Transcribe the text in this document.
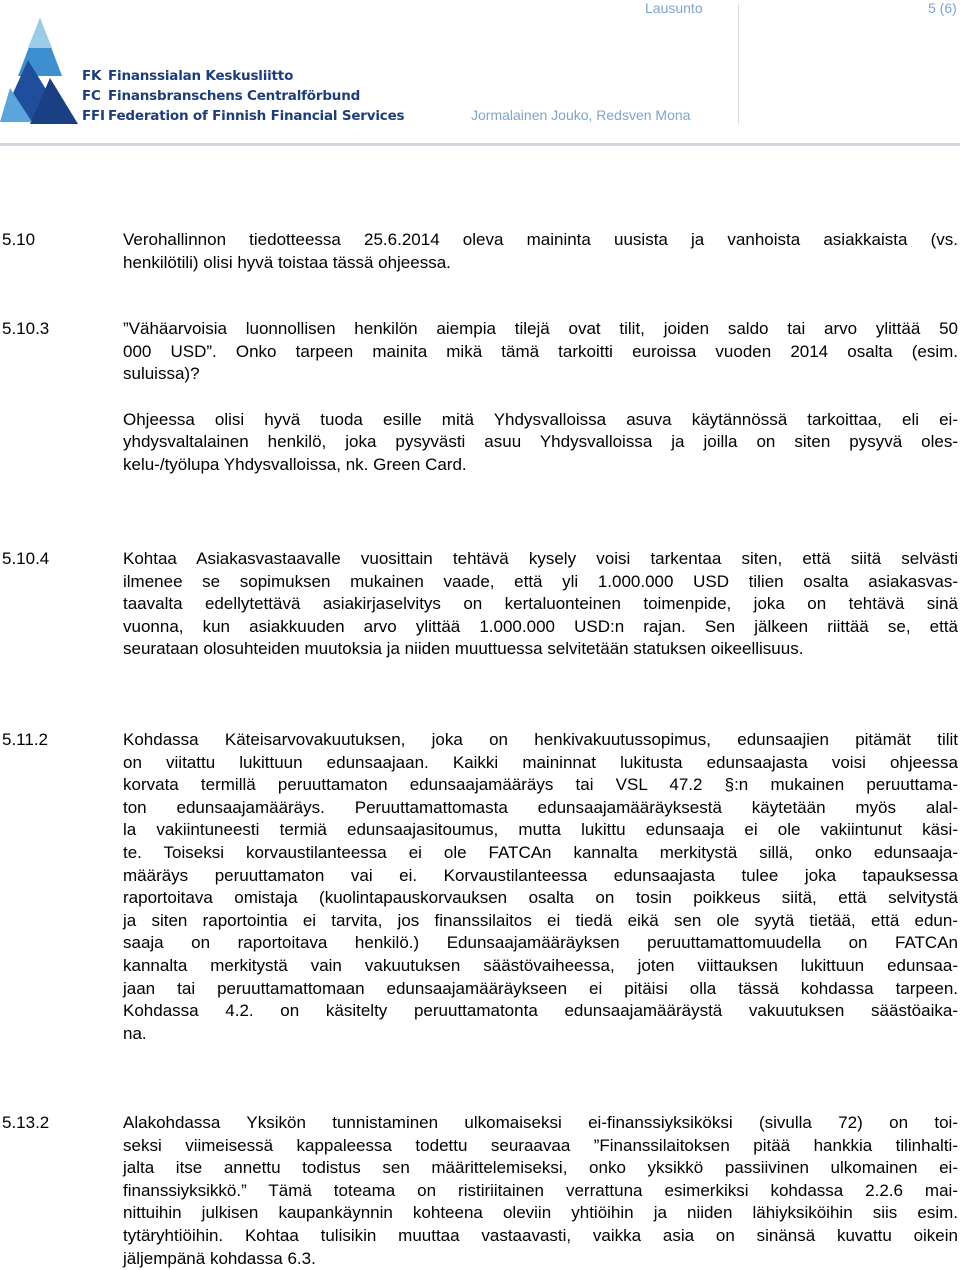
FK Finanssialan Keskusliitto
FC Finansbranschens Centralförbund
FFI Federation of Finnish Financial Services
Lausunto	5 (6)
Jormalainen Jouko, Redsven Mona
5.10	Verohallinnon tiedotteessa 25.6.2014 oleva maininta uusista ja vanhoista asiakkaista (vs.
henkilötili) olisi hyvä toistaa tässä ohjeessa.
5.10.3	”Vähäarvoisia luonnollisen henkilön aiempia tilejä ovat tilit, joiden saldo tai arvo ylittää 50
000 USD”. Onko tarpeen mainita mikä tämä tarkoitti euroissa vuoden 2014 osalta (esim.
suluissa)?
Ohjeessa olisi hyvä tuoda esille mitä Yhdysvalloissa asuva käytännössä tarkoittaa, eli ei-
yhdysvaltalainen henkilö, joka pysyvästi asuu Yhdysvalloissa ja joilla on siten pysyvä oles-
kelu-/työlupa Yhdysvalloissa, nk. Green Card.
5.10.4	Kohtaa Asiakasvastaavalle vuosittain tehtävä kysely voisi tarkentaa siten, että siitä selvästi
ilmenee se sopimuksen mukainen vaade, että yli 1.000.000 USD tilien osalta asiakasvas-
taavalta edellytettävä asiakirjaselvitys on kertaluonteinen toimenpide, joka on tehtävä sinä
vuonna, kun asiakkuuden arvo ylittää 1.000.000 USD:n rajan. Sen jälkeen riittää se, että
seurataan olosuhteiden muutoksia ja niiden muuttuessa selvitetään statuksen oikeellisuus.
5.11.2	Kohdassa Käteisarvovakuutuksen, joka on henkivakuutussopimus, edunsaajien pitämät tilit
on viitattu lukittuun edunsaajaan. Kaikki maininnat lukitusta edunsaajasta voisi ohjeessa
korvata termillä peruuttamaton edunsaajamääräys tai VSL 47.2 §:n mukainen peruuttama-
ton edunsaajamääräys. Peruuttamattomasta edunsaajamääräyksestä käytetään myös alal-
la vakiintuneesti termiä edunsaajasitoumus, mutta lukittu edunsaaja ei ole vakiintunut käsi-
te. Toiseksi korvaustilanteessa ei ole FATCAn kannalta merkitystä sillä, onko edunsaaja-
määräys peruuttamaton vai ei. Korvaustilanteessa edunsaajasta tulee joka tapauksessa
raportoitava omistaja (kuolintapauskorvauksen osalta on tosin poikkeus siitä, että selvitystä
ja siten raportointia ei tarvita, jos finanssilaitos ei tiedä eikä sen ole syytä tietää, että edun-
saaja on raportoitava henkilö.) Edunsaajamääräyksen peruuttamattomuudella on FATCAn
kannalta merkitystä vain vakuutuksen säästövaiheessa, joten viittauksen lukittuun edunsaa-
jaan tai peruuttamattomaan edunsaajamääräykseen ei pitäisi olla tässä kohdassa tarpeen.
Kohdassa 4.2. on käsitelty peruuttamatonta edunsaajamääräystä vakuutuksen säästöaika-
na.
5.13.2	Alakohdassa Yksikön tunnistaminen ulkomaiseksi ei-finanssiyksiköksi (sivulla 72) on toi-
seksi viimeisessä kappaleessa todettu seuraavaa ”Finanssilaitoksen pitää hankkia tilinhalti-
jalta itse annettu todistus sen määrittelemiseksi, onko yksikkö passiivinen ulkomainen ei-
finanssiyksikkö.” Tämä toteama on ristiriitainen verrattuna esimerkiksi kohdassa 2.2.6 mai-
nittuihin julkisen kaupankäynnin kohteena oleviin yhtiöihin ja niiden lähiyksiköihin siis esim.
tytäryhtiöihin. Kohtaa tulisikin muuttaa vastaavasti, vaikka asia on sinänsä kuvattu oikein
jäljempänä kohdassa 6.3.
